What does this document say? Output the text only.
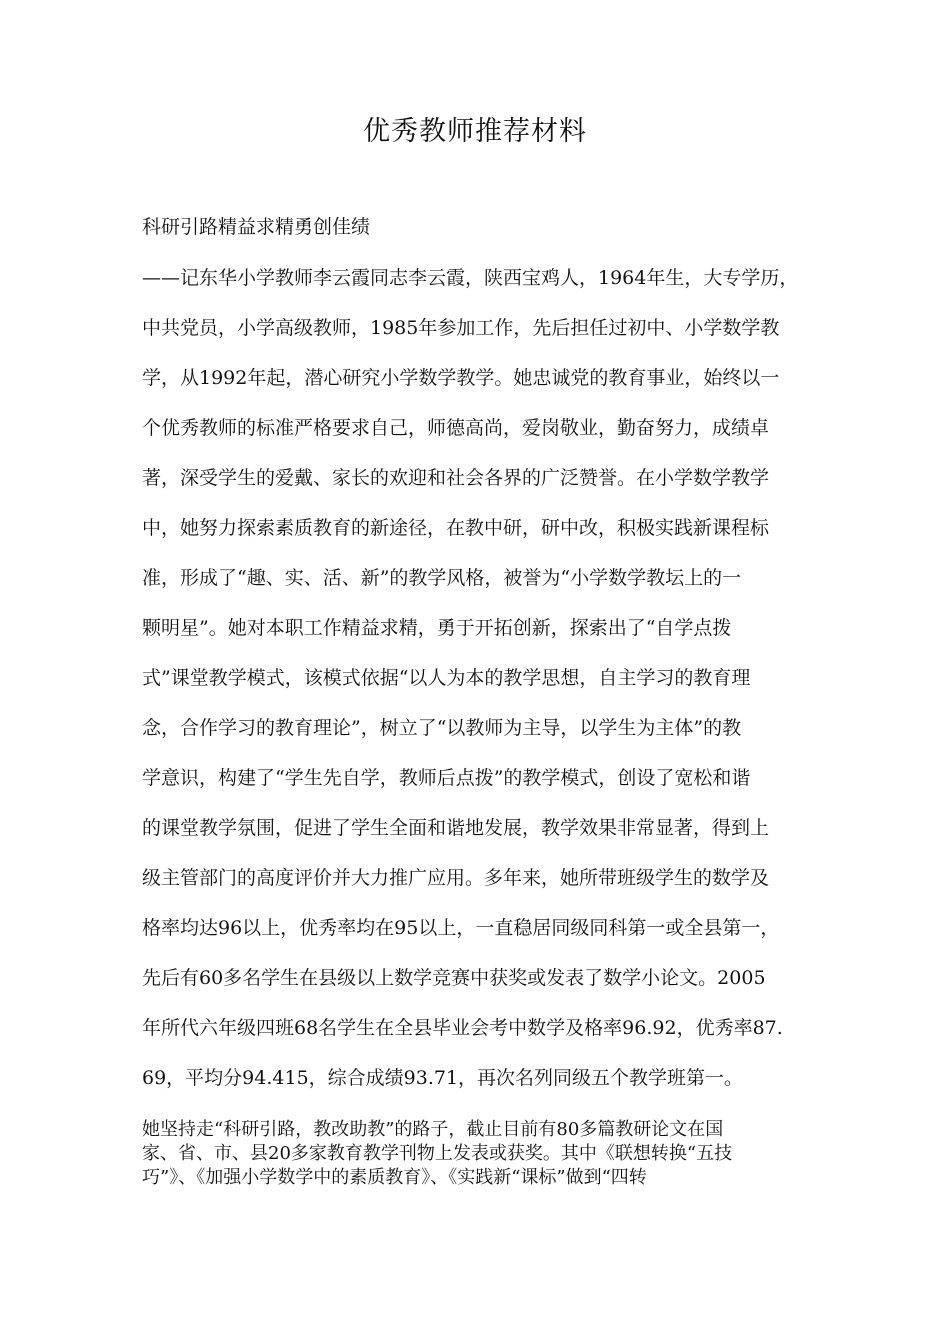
优秀教师推荐材料
科研引路精益求精勇创佳绩
——记东华小学教师李云霞同志李云霞，陕西宝鸡人，1964年生，大专学历，
中共党员，小学高级教师，1985年参加工作，先后担任过初中、小学数学教
学，从1992年起，潜心研究小学数学教学。她忠诚党的教育事业，始终以一
个优秀教师的标准严格要求自己，师德高尚，爱岗敬业，勤奋努力，成绩卓
著，深受学生的爱戴、家长的欢迎和社会各界的广泛赞誉。在小学数学教学
中，她努力探索素质教育的新途径，在教中研，研中改，积极实践新课程标
准，形成了“趣、实、活、新”的教学风格，被誉为“小学数学教坛上的一
颗明星”。她对本职工作精益求精，勇于开拓创新，探索出了“自学点拨
式”课堂教学模式，该模式依据“以人为本的教学思想，自主学习的教育理
念，合作学习的教育理论”，树立了“以教师为主导，以学生为主体”的教
学意识，构建了“学生先自学，教师后点拨”的教学模式，创设了宽松和谐
的课堂教学氛围，促进了学生全面和谐地发展，教学效果非常显著，得到上
级主管部门的高度评价并大力推广应用。多年来，她所带班级学生的数学及
格率均达96以上，优秀率均在95以上，一直稳居同级同科第一或全县第一，
先后有60多名学生在县级以上数学竞赛中获奖或发表了数学小论文。2005
年所代六年级四班68名学生在全县毕业会考中数学及格率96.92，优秀率87.
69，平均分94.415，综合成绩93.71，再次名列同级五个教学班第一。
她坚持走“科研引路，教改助教”的路子，截止目前有80多篇教研论文在国
家、省、市、县20多家教育教学刊物上发表或获奖。其中《联想转换“五技
巧”》、《加强小学数学中的素质教育》、《实践新“课标”做到“四转
